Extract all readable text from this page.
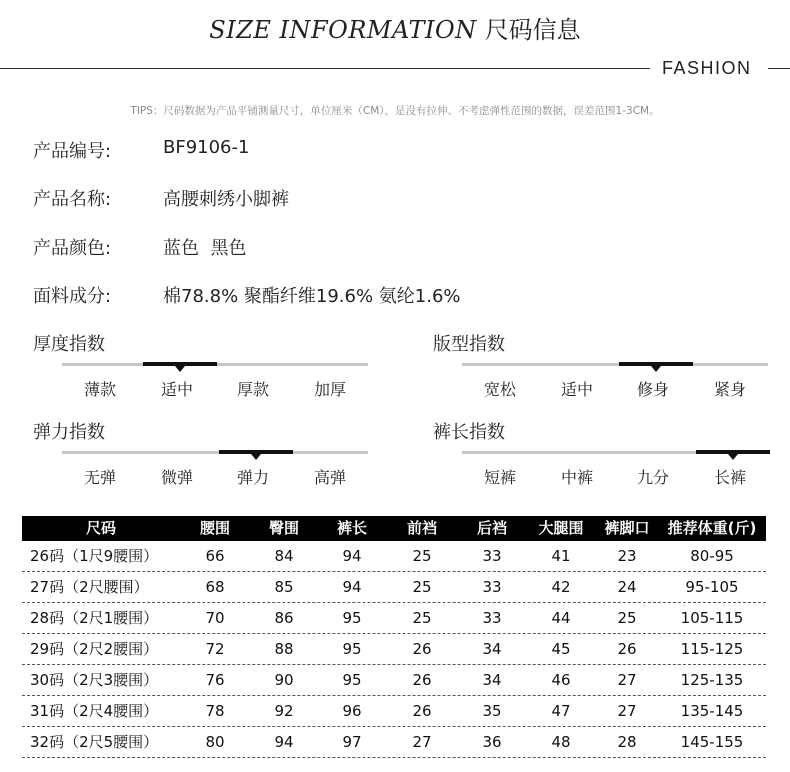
SIZE INFORMATION 尺码信息
FASHION
TIPS：尺码数据为产品平铺测量尺寸，单位厘米（CM），是没有拉伸、不考虑弹性范围的数据，误差范围1-3CM。
产品编号:	BF9106-1
产品名称:	高腰刺绣小脚裤
产品颜色:	蓝色  黑色
面料成分:	棉78.8% 聚酯纤维19.6% 氨纶1.6%
厚度指数
薄款	适中	厚款	加厚
版型指数
宽松	适中	修身	紧身
弹力指数
无弹	微弹	弹力	高弹
裤长指数
短裤	中裤	九分	长裤
尺码	腰围	臀围	裤长	前裆	后裆	大腿围	裤脚口	推荐体重(斤)
26码（1尺9腰围）	66	84	94	25	33	41	23	80-95
27码（2尺腰围）	68	85	94	25	33	42	24	95-105
28码（2尺1腰围）	70	86	95	25	33	44	25	105-115
29码（2尺2腰围）	72	88	95	26	34	45	26	115-125
30码（2尺3腰围）	76	90	95	26	34	46	27	125-135
31码（2尺4腰围）	78	92	96	26	35	47	27	135-145
32码（2尺5腰围）	80	94	97	27	36	48	28	145-155
